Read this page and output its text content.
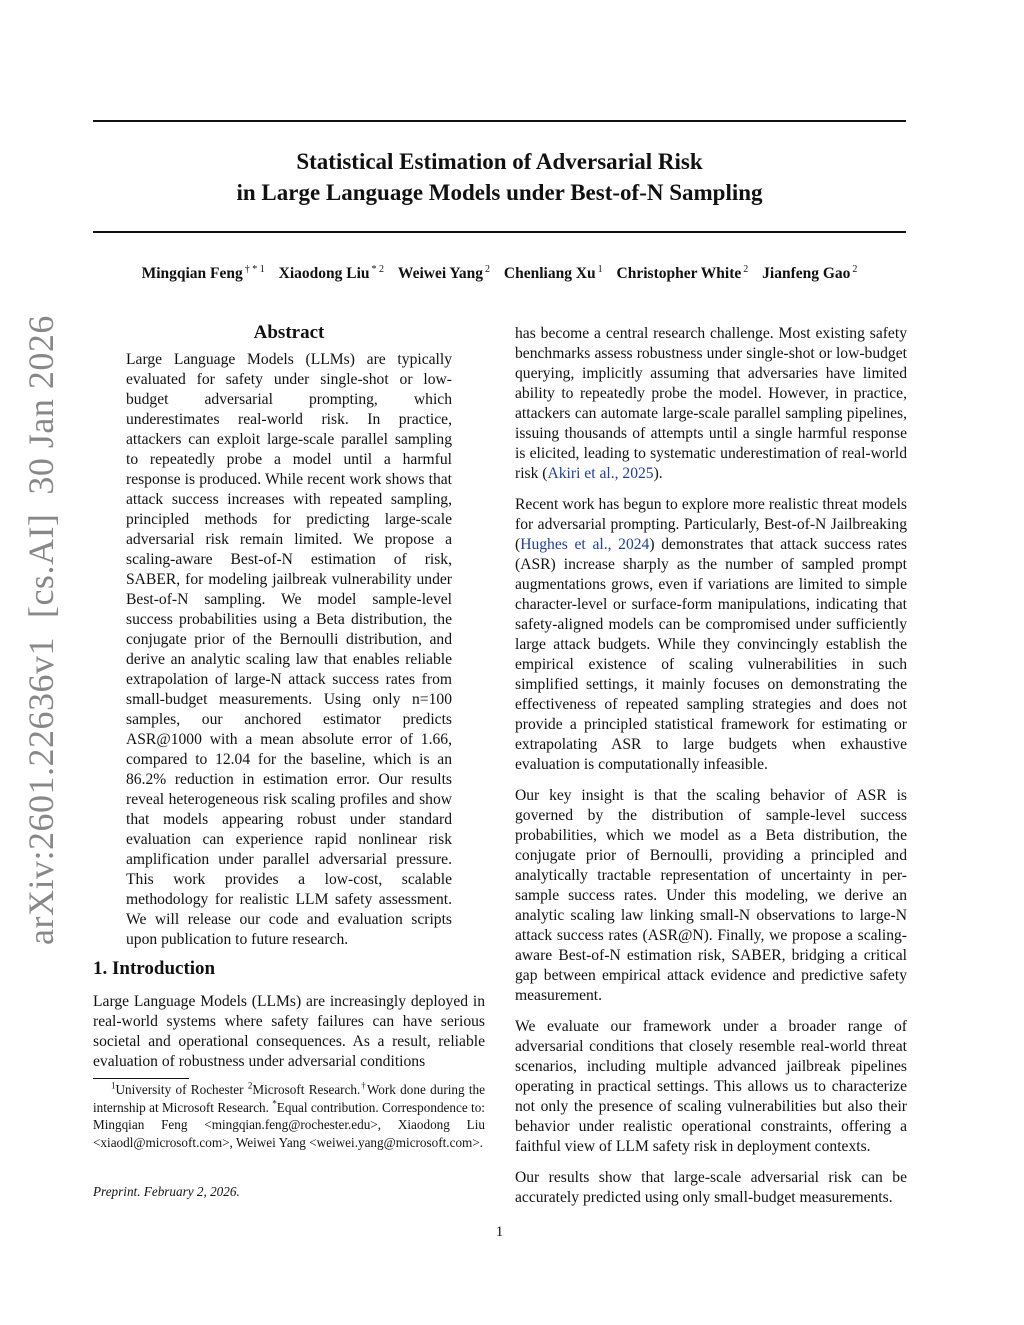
Statistical Estimation of Adversarial Risk
in Large Language Models under Best-of-N Sampling
Mingqian Feng $^{\dagger * 1}$ Xiaodong Liu $^{* 2}$ Weiwei Yang $^2$ Chenliang Xu $^1$ Christopher White $^2$ Jianfeng Gao $^2$
arXiv:2601.22636v1  [cs.AI]  30 Jan 2026	Abstract
Large Language Models (LLMs) are typically evaluated for safety under single-shot or low-budget adversarial prompting, which underestimates real-world risk. In practice, attackers can exploit large-scale parallel sampling to repeatedly probe a model until a harmful response is produced. While recent work shows that attack success increases with repeated sampling, principled methods for predicting large-scale adversarial risk remain limited. We propose a scaling-aware Best-of-N estimation of risk, SABER, for modeling jailbreak vulnerability under Best-of-N sampling. We model sample-level success probabilities using a Beta distribution, the conjugate prior of the Bernoulli distribution, and derive an analytic scaling law that enables reliable extrapolation of large-N attack success rates from small-budget measurements. Using only n=100 samples, our anchored estimator predicts ASR@1000 with a mean absolute error of 1.66, compared to 12.04 for the baseline, which is an 86.2% reduction in estimation error. Our results reveal heterogeneous risk scaling profiles and show that models appearing robust under standard evaluation can experience rapid nonlinear risk amplification under parallel adversarial pressure. This work provides a low-cost, scalable methodology for realistic LLM safety assessment. We will release our code and evaluation scripts upon publication to future research.
1. Introduction
Large Language Models (LLMs) are increasingly deployed in real-world systems where safety failures can have serious societal and operational consequences. As a result, reliable evaluation of robustness under adversarial conditions
$^1$University of Rochester $^2$Microsoft Research.†Work done during the internship at Microsoft Research. *Equal contribution. Correspondence to: Mingqian Feng <mingqian.feng@rochester.edu>, Xiaodong Liu <xiaodl@microsoft.com>, Weiwei Yang <weiwei.yang@microsoft.com>.
Preprint. February 2, 2026.

has become a central research challenge. Most existing safety benchmarks assess robustness under single-shot or low-budget querying, implicitly assuming that adversaries have limited ability to repeatedly probe the model. However, in practice, attackers can automate large-scale parallel sampling pipelines, issuing thousands of attempts until a single harmful response is elicited, leading to systematic underestimation of real-world risk (Akiri et al., 2025).

Recent work has begun to explore more realistic threat models for adversarial prompting. Particularly, Best-of-N Jailbreaking (Hughes et al., 2024) demonstrates that attack success rates (ASR) increase sharply as the number of sampled prompt augmentations grows, even if variations are limited to simple character-level or surface-form manipulations, indicating that safety-aligned models can be compromised under sufficiently large attack budgets. While they convincingly establish the empirical existence of scaling vulnerabilities in such simplified settings, it mainly focuses on demonstrating the effectiveness of repeated sampling strategies and does not provide a principled statistical framework for estimating or extrapolating ASR to large budgets when exhaustive evaluation is computationally infeasible.

Our key insight is that the scaling behavior of ASR is governed by the distribution of sample-level success probabilities, which we model as a Beta distribution, the conjugate prior of Bernoulli, providing a principled and analytically tractable representation of uncertainty in per-sample success rates. Under this modeling, we derive an analytic scaling law linking small-N observations to large-N attack success rates (ASR@N). Finally, we propose a scaling-aware Best-of-N estimation risk, SABER, bridging a critical gap between empirical attack evidence and predictive safety measurement.

We evaluate our framework under a broader range of adversarial conditions that closely resemble real-world threat scenarios, including multiple advanced jailbreak pipelines operating in practical settings. This allows us to characterize not only the presence of scaling vulnerabilities but also their behavior under realistic operational constraints, offering a faithful view of LLM safety risk in deployment contexts.

Our results show that large-scale adversarial risk can be accurately predicted using only small-budget measurements.

1
